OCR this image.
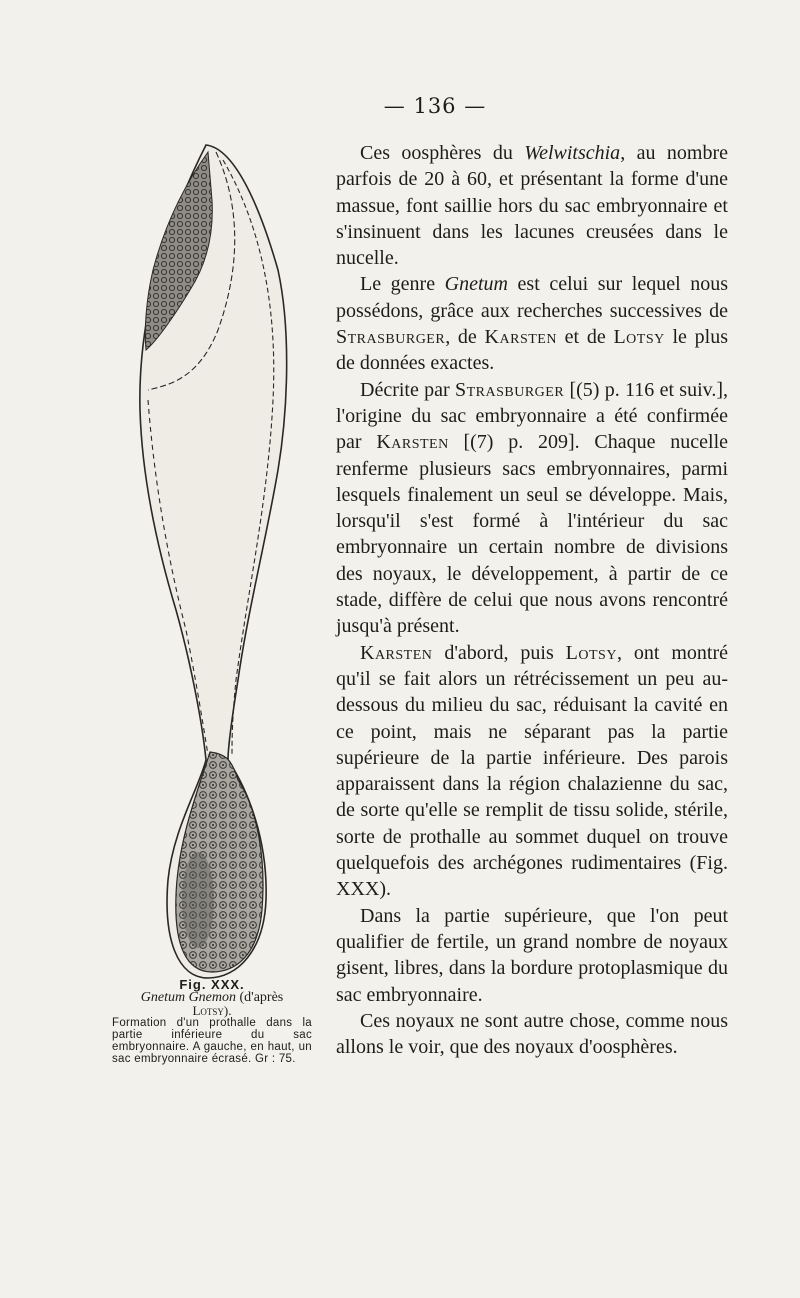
— 136 —
Fig. XXX.
Gnetum Gnemon (d'après
Lotsy).
Formation d'un prothalle dans la partie inférieure du sac embryonnaire. A gauche, en haut, un sac embryonnaire écrasé. Gr : 75.

Ces oosphères du Welwitschia, au nombre parfois de 20 à 60, et présentant la forme d'une massue, font saillie hors du sac embryonnaire et s'insinuent dans les lacunes creusées dans le nucelle.

Le genre Gnetum est celui sur lequel nous possédons, grâce aux recherches successives de Strasburger, de Karsten et de Lotsy le plus de données exactes.

Décrite par Strasburger [(5) p. 116 et suiv.], l'origine du sac embryonnaire a été confirmée par Karsten [(7) p. 209]. Chaque nucelle renferme plusieurs sacs embryonnaires, parmi lesquels finalement un seul se développe. Mais, lorsqu'il s'est formé à l'intérieur du sac embryonnaire un certain nombre de divisions des noyaux, le développement, à partir de ce stade, diffère de celui que nous avons rencontré jusqu'à présent.

Karsten d'abord, puis Lotsy, ont montré qu'il se fait alors un rétrécissement un peu au-dessous du milieu du sac, réduisant la cavité en ce point, mais ne séparant pas la partie supérieure de la partie inférieure. Des parois apparaissent dans la région chalazienne du sac, de sorte qu'elle se remplit de tissu solide, stérile, sorte de prothalle au sommet duquel on trouve quelquefois des archégones rudimentaires (Fig. XXX).

Dans la partie supérieure, que l'on peut qualifier de fertile, un grand nombre de noyaux gisent, libres, dans la bordure protoplasmique du sac embryonnaire.

Ces noyaux ne sont autre chose, comme nous allons le voir, que des noyaux d'oosphères.
